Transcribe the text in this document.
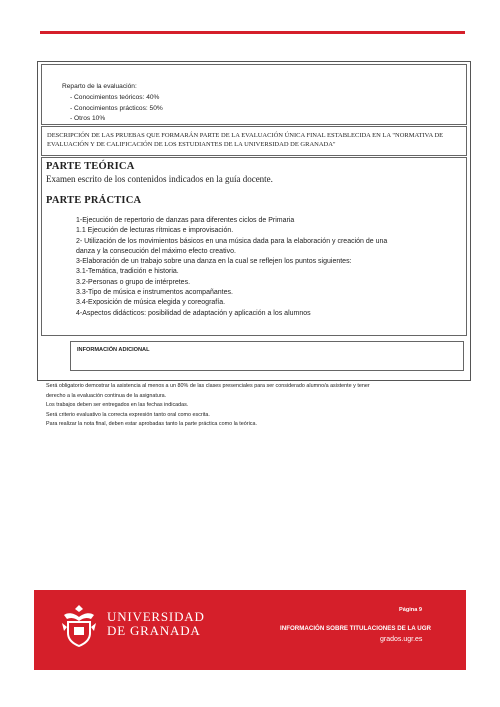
Reparto de la evaluación:
- Conocimientos teóricos: 40%
- Conocimientos prácticos: 50%
- Otros 10%
DESCRIPCIÓN DE LAS PRUEBAS QUE FORMARÁN PARTE DE LA EVALUACIÓN ÚNICA FINAL ESTABLECIDA EN LA "NORMATIVA DE EVALUACIÓN Y DE CALIFICACIÓN DE LOS ESTUDIANTES DE LA UNIVERSIDAD DE GRANADA"
PARTE TEÓRICA
Examen escrito de los contenidos indicados en la guía docente.
PARTE PRÁCTICA
1-Ejecución de repertorio de danzas para diferentes ciclos de Primaria
1.1 Ejecución de lecturas rítmicas e improvisación.
2- Utilización de los movimientos básicos en una música dada para la elaboración y creación de una
danza y la consecución del máximo efecto creativo.
3-Elaboración de un trabajo sobre una danza en la cual se reflejen los puntos siguientes:
3.1-Temática, tradición e historia.
3.2-Personas o grupo de intérpretes.
3.3-Tipo de música e instrumentos acompañantes.
3.4-Exposición de música elegida y coreografía.
4-Aspectos didácticos: posibilidad de adaptación y aplicación a los alumnos
INFORMACIÓN ADICIONAL
Será obligatorio demostrar la asistencia al menos a un 80% de las clases presenciales para ser considerado alumno/a asistente y tener
derecho a la evaluación continua de la asignatura.
Los trabajos deben ser entregados en las fechas indicadas.
Será criterio evaluativo la correcta expresión tanto oral como escrita.
Para realizar la nota final, deben estar aprobadas tanto la parte práctica como la teórica.
UNIVERSIDAD
DE GRANADA
Página 9
INFORMACIÓN SOBRE TITULACIONES DE LA UGR
grados.ugr.es
